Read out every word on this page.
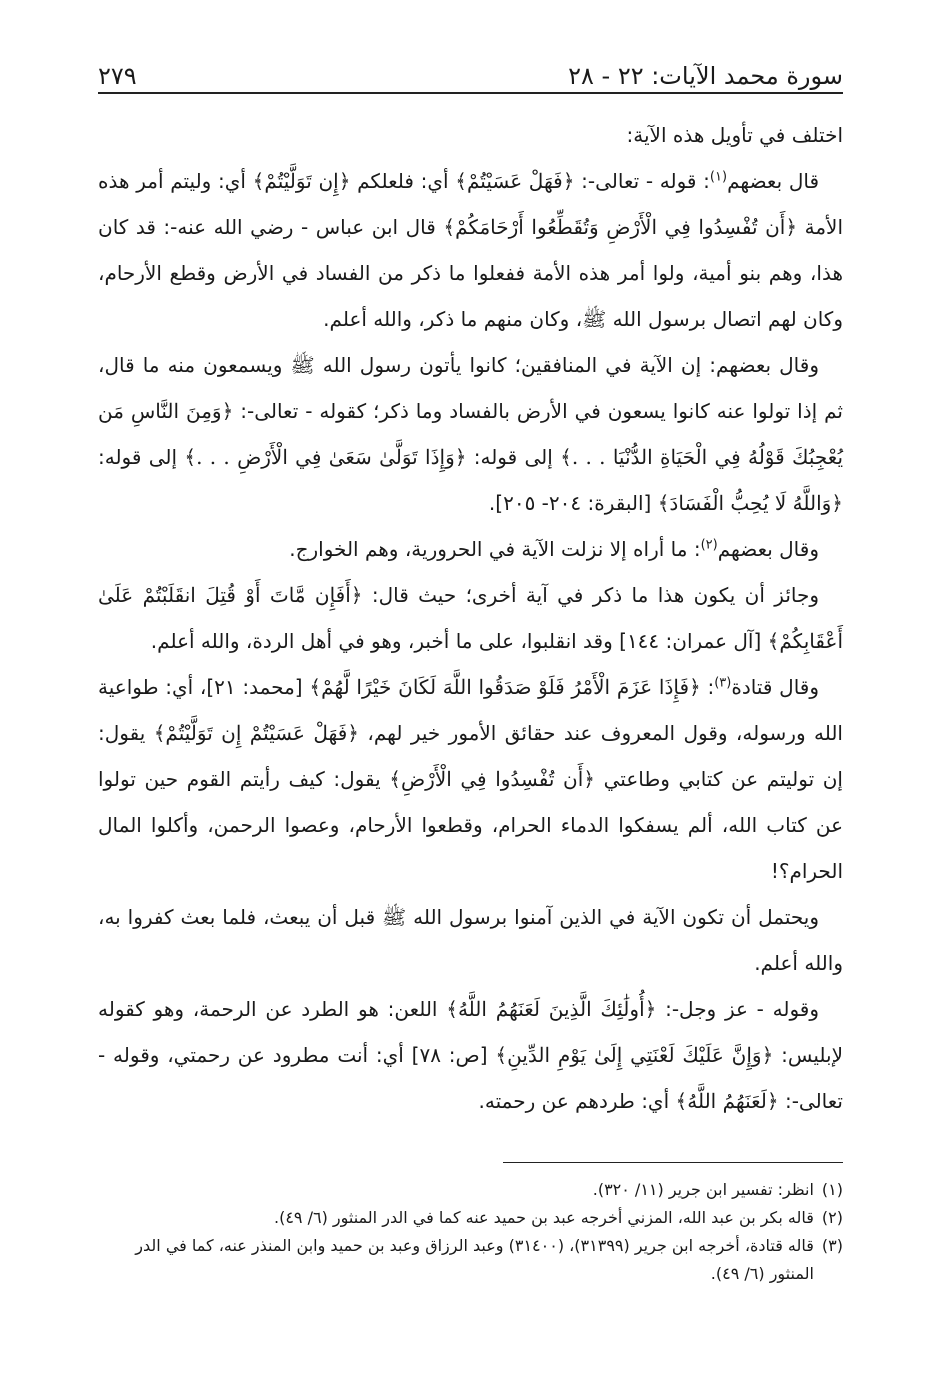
سورة محمد الآيات: ٢٢ - ٢٨
٢٧٩

اختلف في تأويل هذه الآية:

قال بعضهم$^{(١)}$: قوله - تعالى-: ﴿فَهَلْ عَسَيْتُمْ﴾ أي: فلعلكم ﴿إِن تَوَلَّيْتُمْ﴾ أي: وليتم أمر هذه الأمة ﴿أَن تُفْسِدُوا فِي الْأَرْضِ وَتُقَطِّعُوا أَرْحَامَكُمْ﴾ قال ابن عباس - رضي الله عنه-: قد كان هذا، وهم بنو أمية، ولوا أمر هذه الأمة ففعلوا ما ذكر من الفساد في الأرض وقطع الأرحام، وكان لهم اتصال برسول الله ﷺ، وكان منهم ما ذكر، والله أعلم.

وقال بعضهم: إن الآية في المنافقين؛ كانوا يأتون رسول الله ﷺ ويسمعون منه ما قال، ثم إذا تولوا عنه كانوا يسعون في الأرض بالفساد وما ذكر؛ كقوله - تعالى-: ﴿وَمِنَ النَّاسِ مَن يُعْجِبُكَ قَوْلُهُ فِي الْحَيَاةِ الدُّنْيَا . . .﴾ إلى قوله: ﴿وَإِذَا تَوَلَّىٰ سَعَىٰ فِي الْأَرْضِ . . .﴾ إلى قوله: ﴿وَاللَّهُ لَا يُحِبُّ الْفَسَادَ﴾ [البقرة: ٢٠٤- ٢٠٥].

وقال بعضهم$^{(٢)}$: ما أراه إلا نزلت الآية في الحرورية، وهم الخوارج.

وجائز أن يكون هذا ما ذكر في آية أخرى؛ حيث قال: ﴿أَفَإِن مَّاتَ أَوْ قُتِلَ انقَلَبْتُمْ عَلَىٰ أَعْقَابِكُمْ﴾ [آل عمران: ١٤٤] وقد انقلبوا، على ما أخبر، وهو في أهل الردة، والله أعلم.

وقال قتادة$^{(٣)}$: ﴿فَإِذَا عَزَمَ الْأَمْرُ فَلَوْ صَدَقُوا اللَّهَ لَكَانَ خَيْرًا لَّهُمْ﴾ [محمد: ٢١]، أي: طواعية الله ورسوله، وقول المعروف عند حقائق الأمور خير لهم، ﴿فَهَلْ عَسَيْتُمْ إِن تَوَلَّيْتُمْ﴾ يقول: إن توليتم عن كتابي وطاعتي ﴿أَن تُفْسِدُوا فِي الْأَرْضِ﴾ يقول: كيف رأيتم القوم حين تولوا عن كتاب الله، ألم يسفكوا الدماء الحرام، وقطعوا الأرحام، وعصوا الرحمن، وأكلوا المال الحرام؟!

ويحتمل أن تكون الآية في الذين آمنوا برسول الله ﷺ قبل أن يبعث، فلما بعث كفروا به، والله أعلم.

وقوله - عز وجل-: ﴿أُولَٰئِكَ الَّذِينَ لَعَنَهُمُ اللَّهُ﴾ اللعن: هو الطرد عن الرحمة، وهو كقوله لإبليس: ﴿وَإِنَّ عَلَيْكَ لَعْنَتِي إِلَىٰ يَوْمِ الدِّينِ﴾ [ص: ٧٨] أي: أنت مطرود عن رحمتي، وقوله - تعالى-: ﴿لَعَنَهُمُ اللَّهُ﴾ أي: طردهم عن رحمته.

(١)
انظر: تفسير ابن جرير (١١/ ٣٢٠).
(٢)
قاله بكر بن عبد الله، المزني أخرجه عبد بن حميد عنه كما في الدر المنثور (٦/ ٤٩).
(٣)
قاله قتادة، أخرجه ابن جرير (٣١٣٩٩)، (٣١٤٠٠) وعبد الرزاق وعبد بن حميد وابن المنذر عنه، كما في الدر المنثور (٦/ ٤٩).
